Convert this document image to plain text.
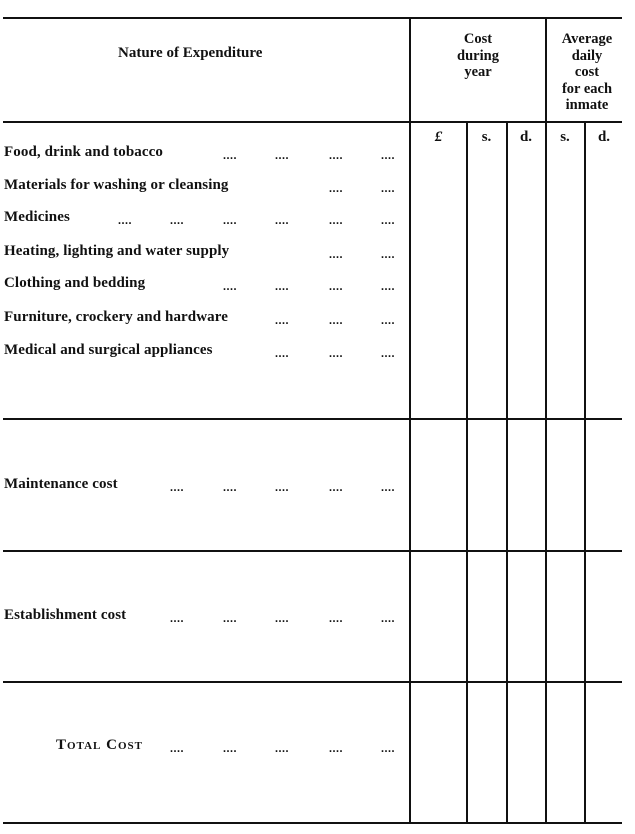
Nature of Expenditure
Cost
during
year
Average
daily
cost
for each
inmate
£	s.	d.	s.	d.
Food, drink and tobacco	....	....	....	....
Materials for washing or cleansing	....	....
Medicines	....	....	....	....	....	....
Heating, lighting and water supply	....	....
Clothing and bedding	....	....	....	....
Furniture, crockery and hardware	....	....	....
Medical and surgical appliances	....	....	....
Maintenance cost	....	....	....	....	....
Establishment cost	....	....	....	....	....
Total Cost ....	....	....	....	....
